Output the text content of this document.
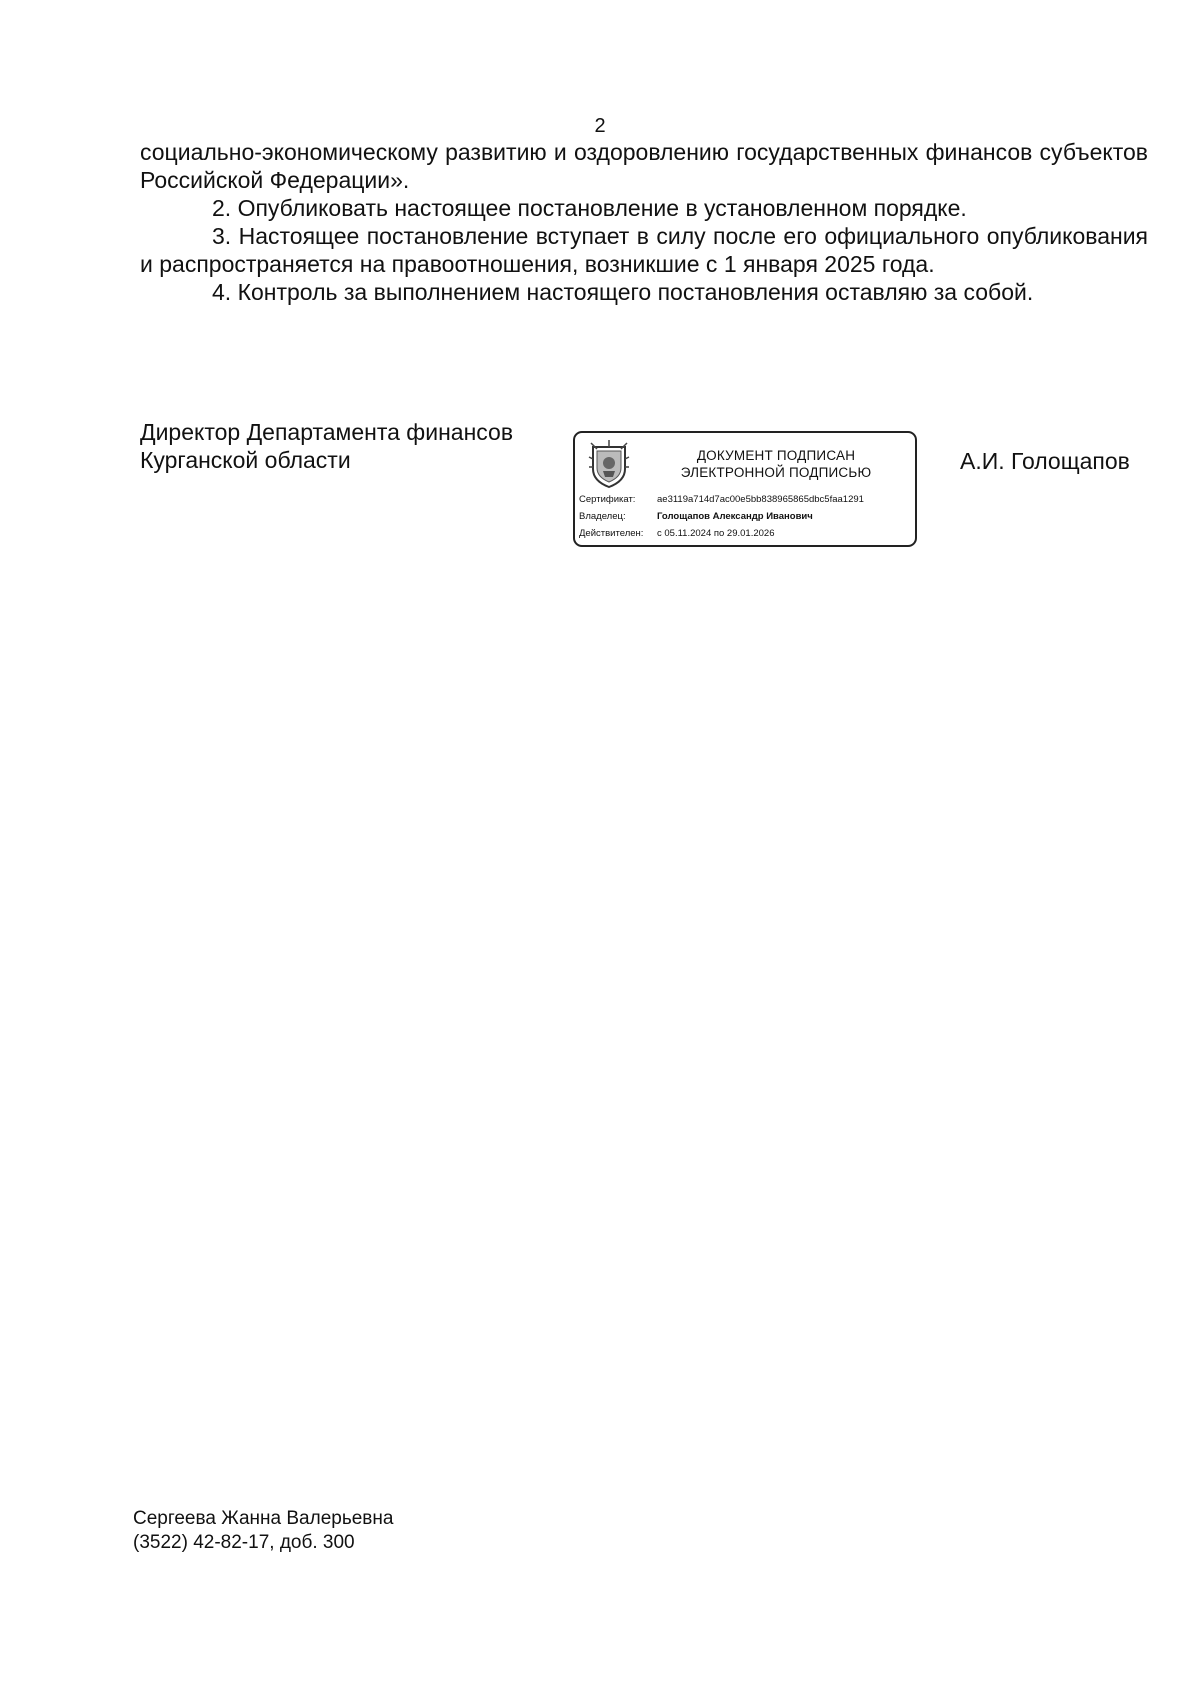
2

социально-экономическому развитию и оздоровлению государственных финансов субъектов Российской Федерации».

2. Опубликовать настоящее постановление в установленном порядке.

3. Настоящее постановление вступает в силу после его официального опубликования и распространяется на правоотношения, возникшие с 1 января 2025 года.

4. Контроль за выполнением настоящего постановления оставляю за собой.

Директор Департамента финансов
Курганской области	ДОКУМЕНТ ПОДПИСАН
ЭЛЕКТРОННОЙ ПОДПИСЬЮ
Сертификат: ae3119a714d7ac00e5bb838965865dbc5faa1291
Владелец:	Голощапов Александр Иванович
Действителен: с 05.11.2024 по 29.01.2026
А.И. Голощапов
Сергеева Жанна Валерьевна
(3522) 42-82-17, доб. 300
